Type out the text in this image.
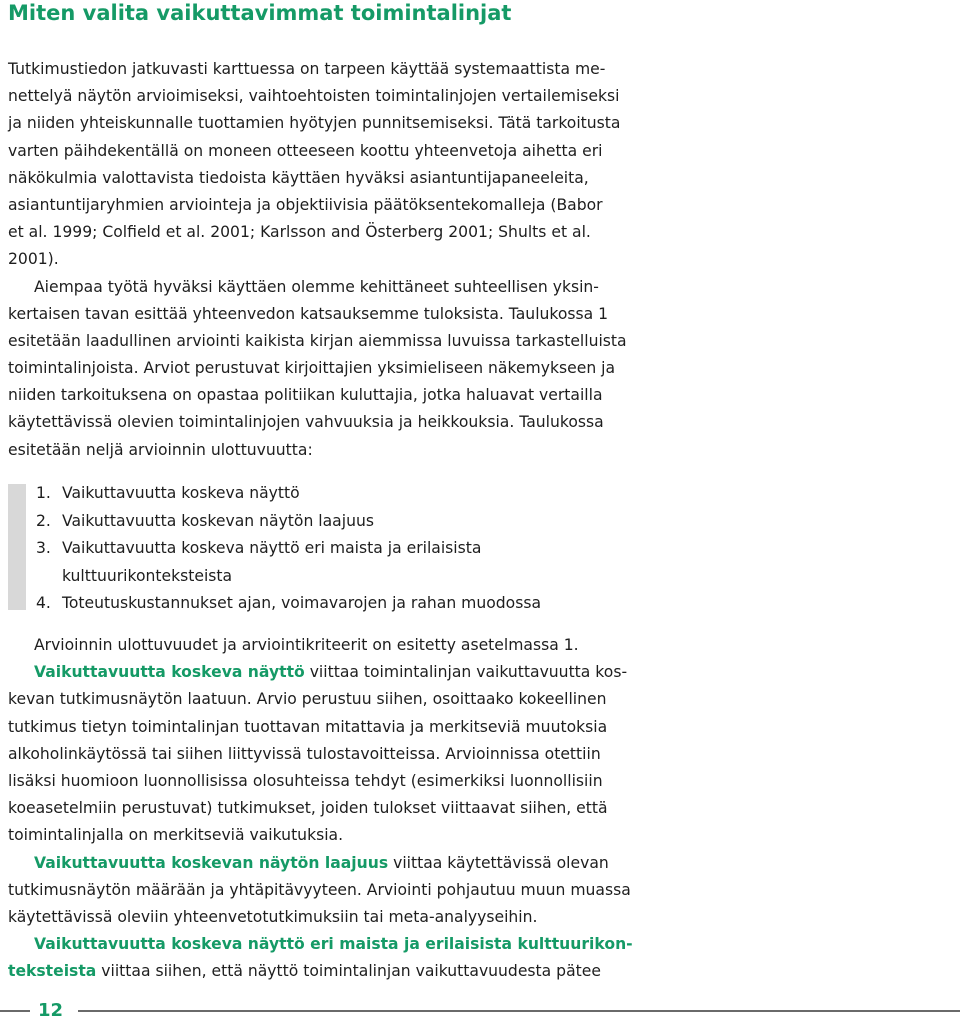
Miten valita vaikuttavimmat toimintalinjat
Tutkimustiedon jatkuvasti karttuessa on tarpeen käyttää systemaattista me-
nettelyä näytön arvioimiseksi, vaihtoehtoisten toimintalinjojen vertailemiseksi
ja niiden yhteiskunnalle tuottamien hyötyjen punnitsemiseksi. Tätä tarkoitusta
varten päihdekentällä on moneen otteeseen koottu yhteenvetoja aihetta eri
näkökulmia valottavista tiedoista käyttäen hyväksi asiantuntijapaneeleita,
asiantuntijaryhmien arviointeja ja objektiivisia päätöksentekomalleja (Babor
et al. 1999; Colfield et al. 2001; Karlsson and Österberg 2001; Shults et al.
2001).
Aiempaa työtä hyväksi käyttäen olemme kehittäneet suhteellisen yksin-
kertaisen tavan esittää yhteenvedon katsauksemme tuloksista. Taulukossa 1
esitetään laadullinen arviointi kaikista kirjan aiemmissa luvuissa tarkastelluista
toimintalinjoista. Arviot perustuvat kirjoittajien yksimieliseen näkemykseen ja
niiden tarkoituksena on opastaa politiikan kuluttajia, jotka haluavat vertailla
käytettävissä olevien toimintalinjojen vahvuuksia ja heikkouksia. Taulukossa
esitetään neljä arvioinnin ulottuvuutta:
1. Vaikuttavuutta koskeva näyttö
2. Vaikuttavuutta koskevan näytön laajuus
3. Vaikuttavuutta koskeva näyttö eri maista ja erilaisista
kulttuurikonteksteista
4. Toteutuskustannukset ajan, voimavarojen ja rahan muodossa
Arvioinnin ulottuvuudet ja arviointikriteerit on esitetty asetelmassa 1.
Vaikuttavuutta koskeva näyttö viittaa toimintalinjan vaikuttavuutta kos-
kevan tutkimusnäytön laatuun. Arvio perustuu siihen, osoittaako kokeellinen
tutkimus tietyn toimintalinjan tuottavan mitattavia ja merkitseviä muutoksia
alkoholinkäytössä tai siihen liittyvissä tulostavoitteissa. Arvioinnissa otettiin
lisäksi huomioon luonnollisissa olosuhteissa tehdyt (esimerkiksi luonnollisiin
koeasetelmiin perustuvat) tutkimukset, joiden tulokset viittaavat siihen, että
toimintalinjalla on merkitseviä vaikutuksia.
Vaikuttavuutta koskevan näytön laajuus viittaa käytettävissä olevan
tutkimusnäytön määrään ja yhtäpitävyyteen. Arviointi pohjautuu muun muassa
käytettävissä oleviin yhteenvetotutkimuksiin tai meta-analyyseihin.
Vaikuttavuutta koskeva näyttö eri maista ja erilaisista kulttuurikon-
teksteista viittaa siihen, että näyttö toimintalinjan vaikuttavuudesta pätee
12
